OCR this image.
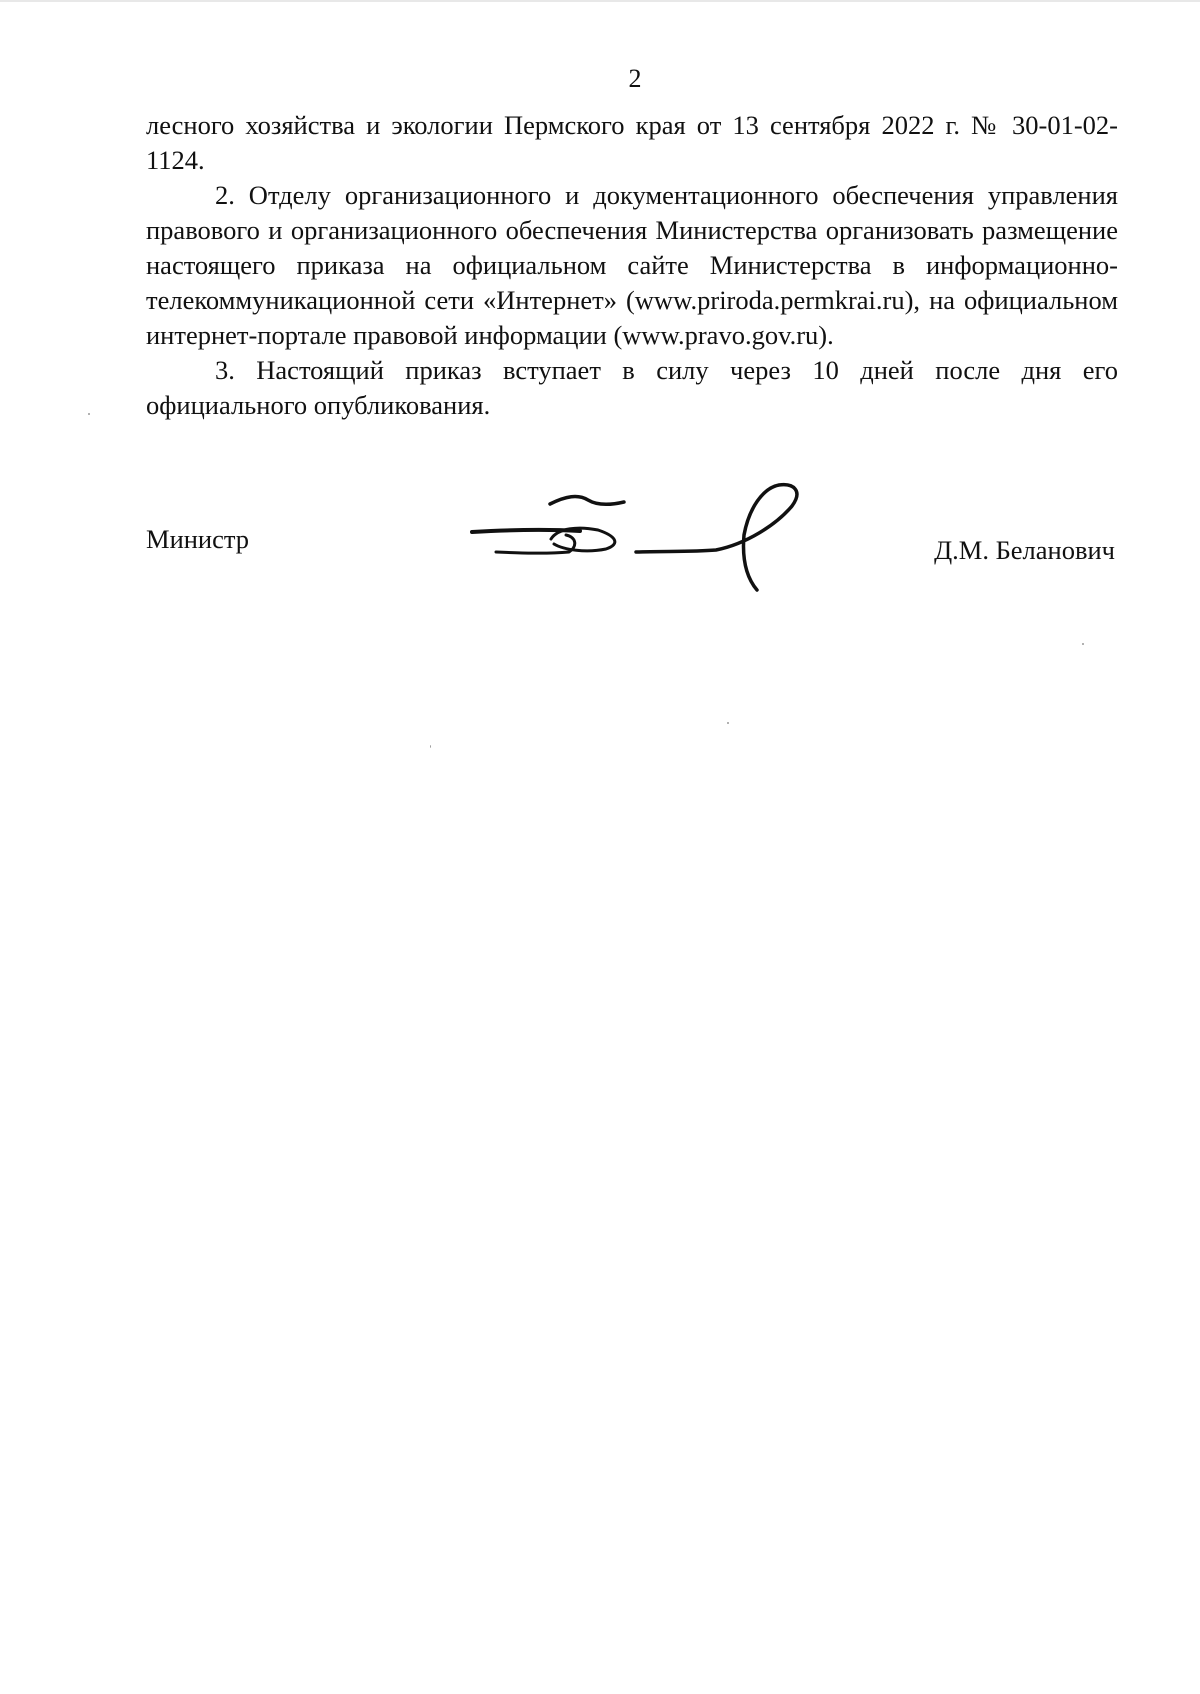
2

лесного хозяйства и экологии Пермского края от 13 сентября 2022 г. № 30-01-02-1124.

2. Отделу организационного и документационного обеспечения управления правового и организационного обеспечения Министерства организовать размещение настоящего приказа на официальном сайте Министерства в информационно-телекоммуникационной сети «Интернет» (www.priroda.permkrai.ru), на официальном интернет-портале правовой информации (www.pravo.gov.ru).

3. Настоящий приказ вступает в силу через 10 дней после дня его официального опубликования.

Министр	Д.М. Беланович
